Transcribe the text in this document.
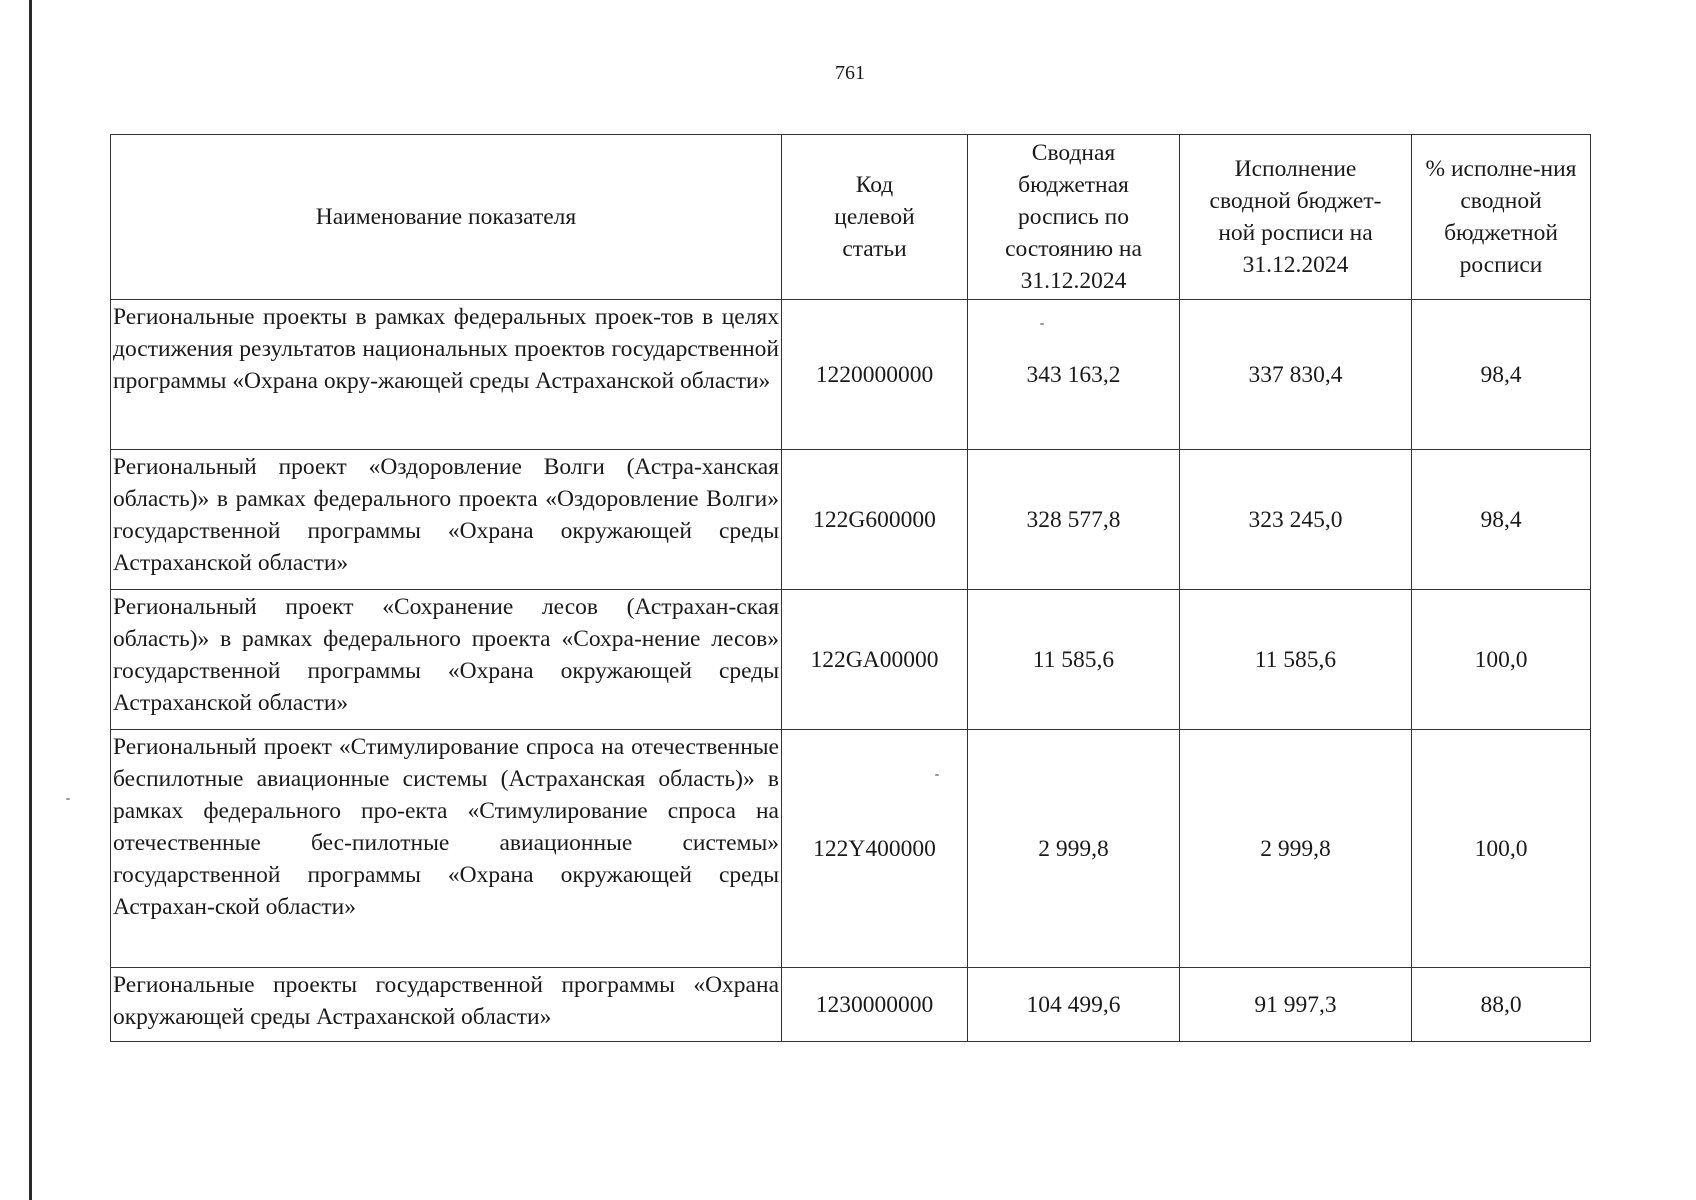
761
Наименование показателя	Код целевой статьи	Сводная бюджетная роспись по состоянию на 31.12.2024	Исполнение сводной бюджет-ной росписи на 31.12.2024	% исполне-ния сводной бюджетной росписи

Региональные проекты в рамках федеральных проек-тов в целях достижения результатов национальных проектов государственной программы «Охрана окру-жающей среды Астраханской области»	1220000000	343 163,2	337 830,4	98,4
Региональный проект «Оздоровление Волги (Астра-ханская область)» в рамках федерального проекта «Оздоровление Волги» государственной программы «Охрана окружающей среды Астраханской области»	122G600000	328 577,8	323 245,0	98,4
Региональный проект «Сохранение лесов (Астрахан-ская область)» в рамках федерального проекта «Сохра-нение лесов» государственной программы «Охрана окружающей среды Астраханской области»	122GA00000	11 585,6	11 585,6	100,0
Региональный проект «Стимулирование спроса на отечественные беспилотные авиационные системы (Астраханская область)» в рамках федерального про-екта «Стимулирование спроса на отечественные бес-пилотные авиационные системы» государственной программы «Охрана окружающей среды Астрахан-ской области»	122Y400000	2 999,8	2 999,8	100,0
Региональные проекты государственной программы «Охрана окружающей среды Астраханской области»	1230000000	104 499,6	91 997,3	88,0
